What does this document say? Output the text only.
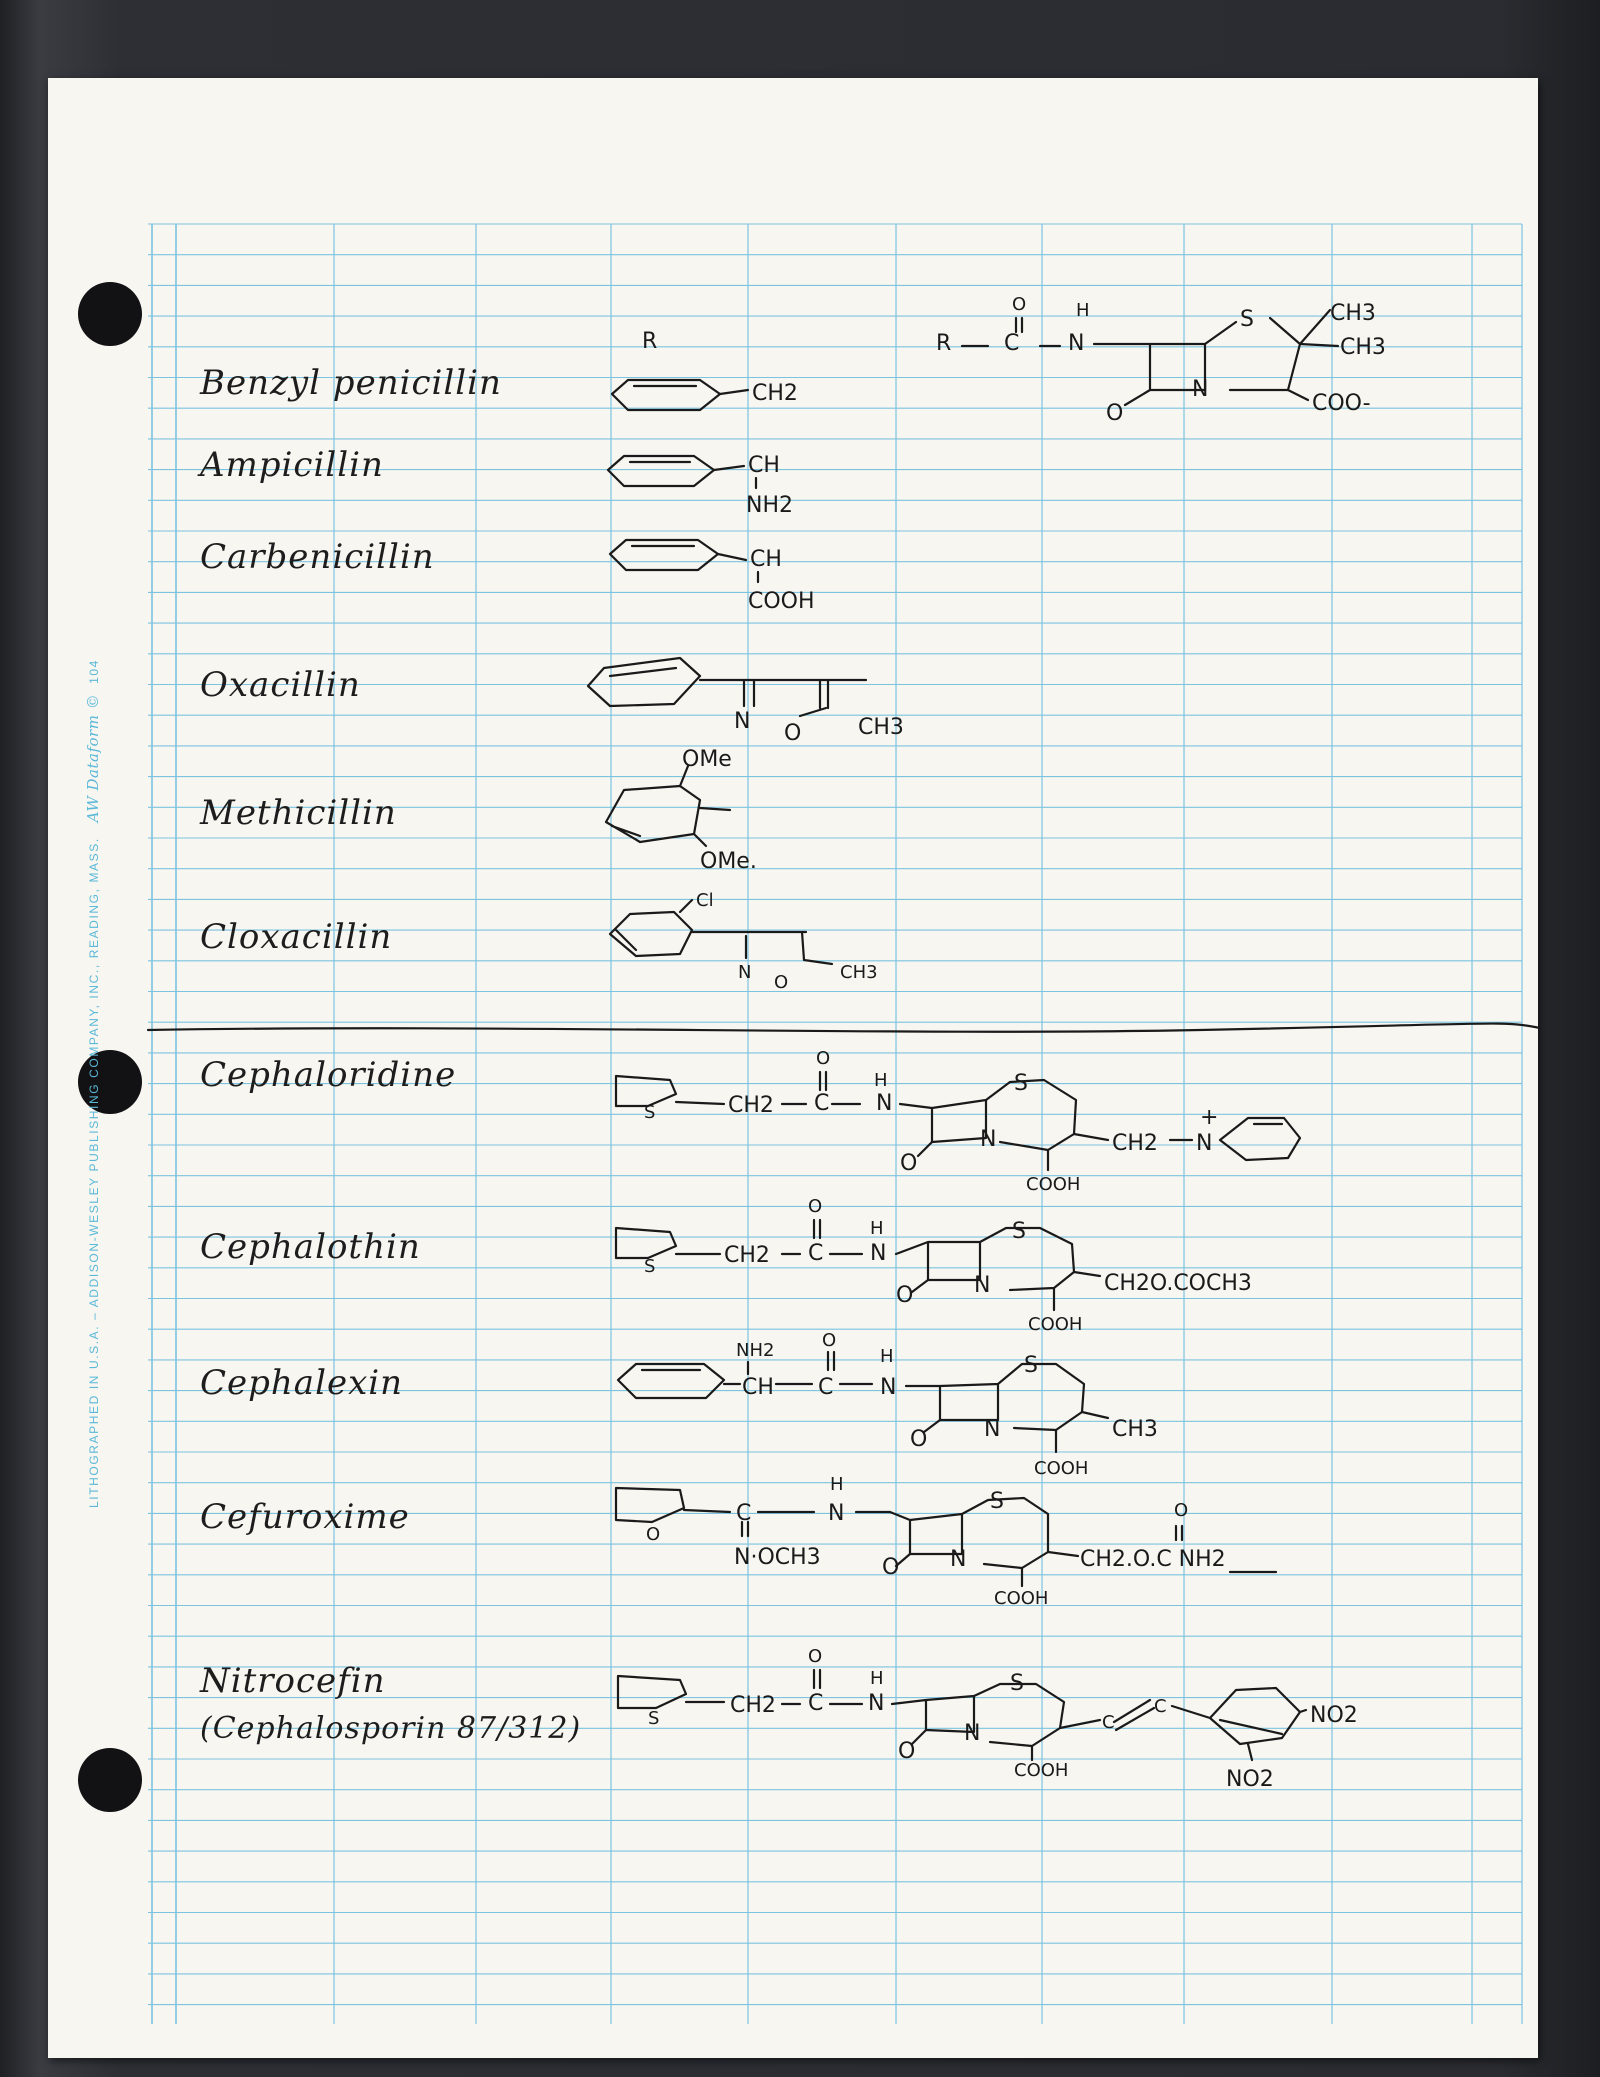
LITHOGRAPHED IN U.S.A. – ADDISON-WESLEY PUBLISHING COMPANY, INC., READING, MASS.   AW Dataform ©  104
Benzyl penicillin
Ampicillin
Carbenicillin
Oxacillin
Methicillin
Cloxacillin
Cephaloridine
Cephalothin
Cephalexin
Cefuroxime
Nitrocefin
(Cephalosporin 87/312)
R	R C
O	H
N
S	CH3
CH3
N
O	COO-
CH2
CH
NH2
CH
COOH
N O	CH3
OMe
OMe.
Cl
N O	CH3
S	CH2 C
O
H
N
S
N
O
COOH
CH2 N
+
S	CH2 C
O
H
N
S
N
O
COOH
CH2O.COCH3
NH2
CH C
O
H
N
S
N
O
COOH
CH3
O
C
N·OCH3
H
N	S
N
O
COOH
CH2.O.C NH2
O
S
CH2 C
O
H
N
S
N
O
COOH
C
C	NO2
NO2
